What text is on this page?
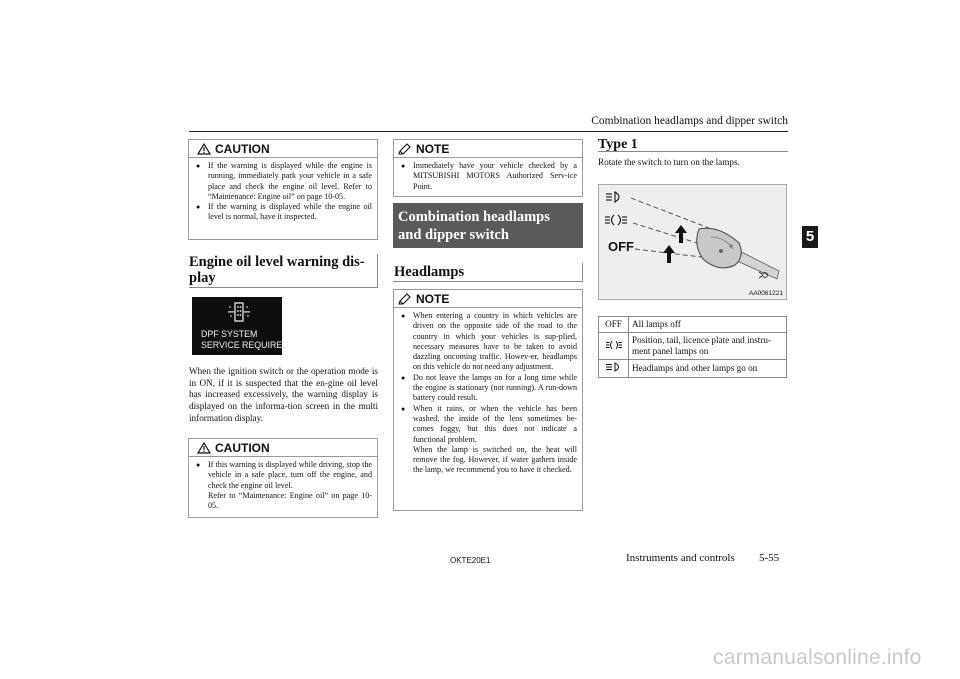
Combination headlamps and dipper switch
5
CAUTION
● If the warning is displayed while the engine is running, immediately park your vehicle in a safe place and check the engine oil level. Refer to “Maintenance: Engine oil” on page 10-05.
● If the warning is displayed while the engine oil level is normal, have it inspected.
Engine oil level warning dis-
play
DPF SYSTEM
SERVICE REQUIRED
When the ignition switch or the operation mode is in ON, if it is suspected that the en-gine oil level has increased excessively, the warning display is displayed on the informa-tion screen in the multi information display.
CAUTION
● If this warning is displayed while driving, stop the vehicle in a safe place, turn off the engine, and check the engine oil level.
Refer to “Maintenance: Engine oil” on page 10-05.
NOTE
● Immediately have your vehicle checked by a MITSUBISHI MOTORS Authorized Serv-ice Point.
Combination headlamps
and dipper switch
Headlamps
NOTE
● When entering a country in which vehicles are driven on the opposite side of the road to the country in which your vehicles is sup-plied, necessary measures have to be taken to avoid dazzling oncoming traffic. Howev-er, headlamps on this vehicle do not need any adjustment.
● Do not leave the lamps on for a long time while the engine is stationary (not running). A run-down battery could result.
● When it rains, or when the vehicle has been washed, the inside of the lens sometimes be-comes foggy, but this does not indicate a functional problem.
When the lamp is switched on, the heat will remove the fog. However, if water gathers inside the lamp, we recommend you to have it checked.
Type 1
Rotate the switch to turn on the lamps.
OFF
AA0061221
OFF	All lamps off
	Position, tail, licence plate and instru-ment panel lamps on
	Headlamps and other lamps go on
OKTE20E1	Instruments and controls 5-55
carmanualsonline.info
